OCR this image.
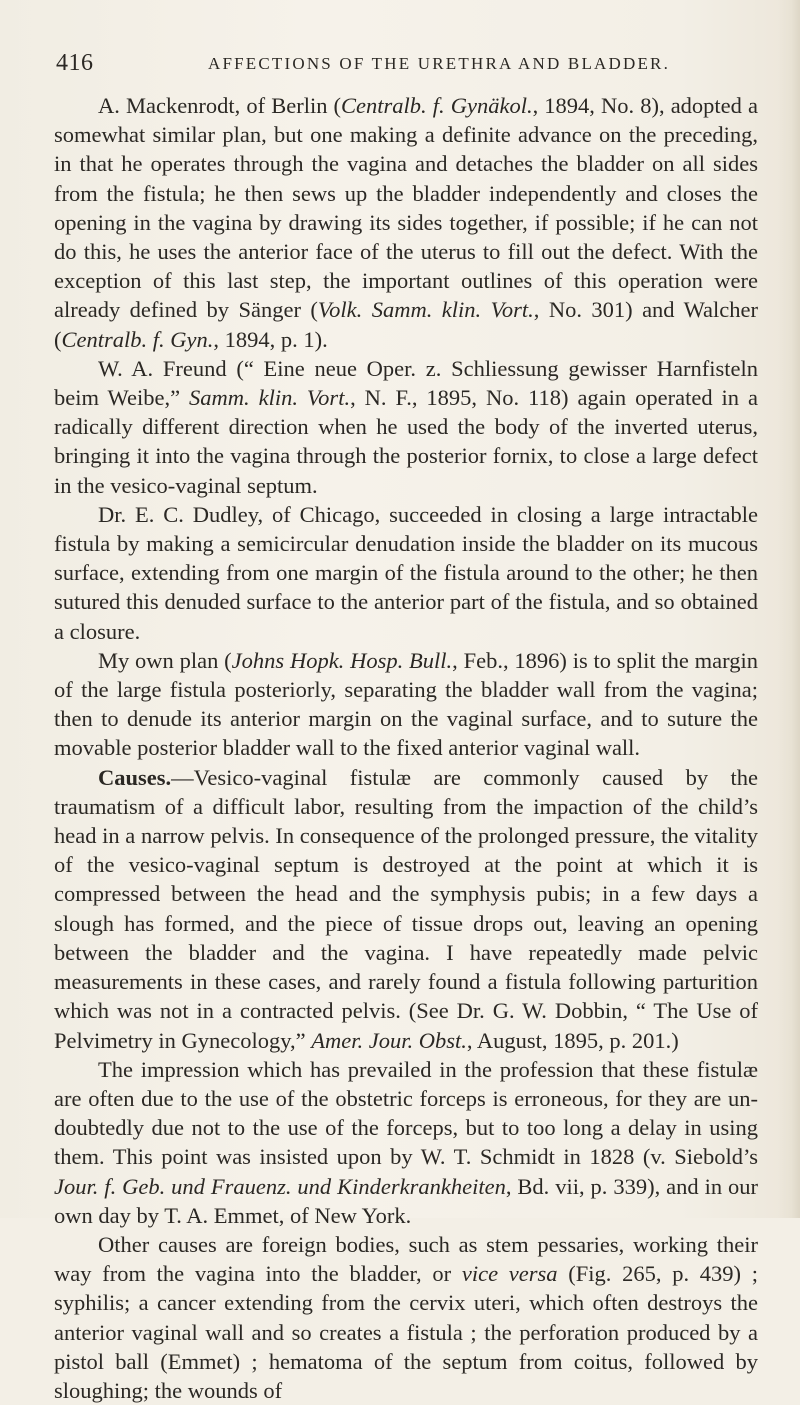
416	AFFECTIONS OF THE URETHRA AND BLADDER.

A. Mackenrodt, of Berlin (Centralb. f. Gynäkol., 1894, No. 8), adopted a somewhat similar plan, but one making a definite advance on the preceding, in that he operates through the vagina and detaches the bladder on all sides from the fistula; he then sews up the bladder independently and closes the opening in the vagina by drawing its sides together, if possible; if he can not do this, he uses the anterior face of the uterus to fill out the defect. With the exception of this last step, the important outlines of this operation were already defined by Sänger (Volk. Samm. klin. Vort., No. 301) and Walcher (Centralb. f. Gyn., 1894, p. 1).

W. A. Freund (“ Eine neue Oper. z. Schliessung gewisser Harnfisteln beim Weibe,” Samm. klin. Vort., N. F., 1895, No. 118) again operated in a radically different direction when he used the body of the inverted uterus, bringing it into the vagina through the posterior fornix, to close a large defect in the vesico-vaginal septum.

Dr. E. C. Dudley, of Chicago, succeeded in closing a large intractable fistula by making a semicircular denudation inside the bladder on its mucous surface, extending from one margin of the fistula around to the other; he then sutured this denuded surface to the anterior part of the fistula, and so obtained a closure.

My own plan (Johns Hopk. Hosp. Bull., Feb., 1896) is to split the margin of the large fistula posteriorly, separating the bladder wall from the vagina; then to denude its anterior margin on the vaginal surface, and to suture the movable posterior bladder wall to the fixed anterior vaginal wall.

Causes.—Vesico-vaginal fistulæ are commonly caused by the traumatism of a difficult labor, resulting from the impaction of the child’s head in a narrow pelvis. In consequence of the prolonged pressure, the vitality of the vesico-vaginal septum is destroyed at the point at which it is compressed between the head and the symphysis pubis; in a few days a slough has formed, and the piece of tissue drops out, leaving an opening between the bladder and the vagina. I have repeatedly made pelvic measurements in these cases, and rarely found a fistula following parturition which was not in a contracted pelvis. (See Dr. G. W. Dobbin, “ The Use of Pelvimetry in Gynecology,” Amer. Jour. Obst., August, 1895, p. 201.)

The impression which has prevailed in the profession that these fistulæ are often due to the use of the obstetric forceps is erroneous, for they are un-doubtedly due not to the use of the forceps, but to too long a delay in using them. This point was insisted upon by W. T. Schmidt in 1828 (v. Siebold’s Jour. f. Geb. und Frauenz. und Kinderkrankheiten, Bd. vii, p. 339), and in our own day by T. A. Emmet, of New York.

Other causes are foreign bodies, such as stem pessaries, working their way from the vagina into the bladder, or vice versa (Fig. 265, p. 439) ; syphilis; a cancer extending from the cervix uteri, which often destroys the anterior vaginal wall and so creates a fistula ; the perforation produced by a pistol ball (Emmet) ; hematoma of the septum from coitus, followed by sloughing; the wounds of
